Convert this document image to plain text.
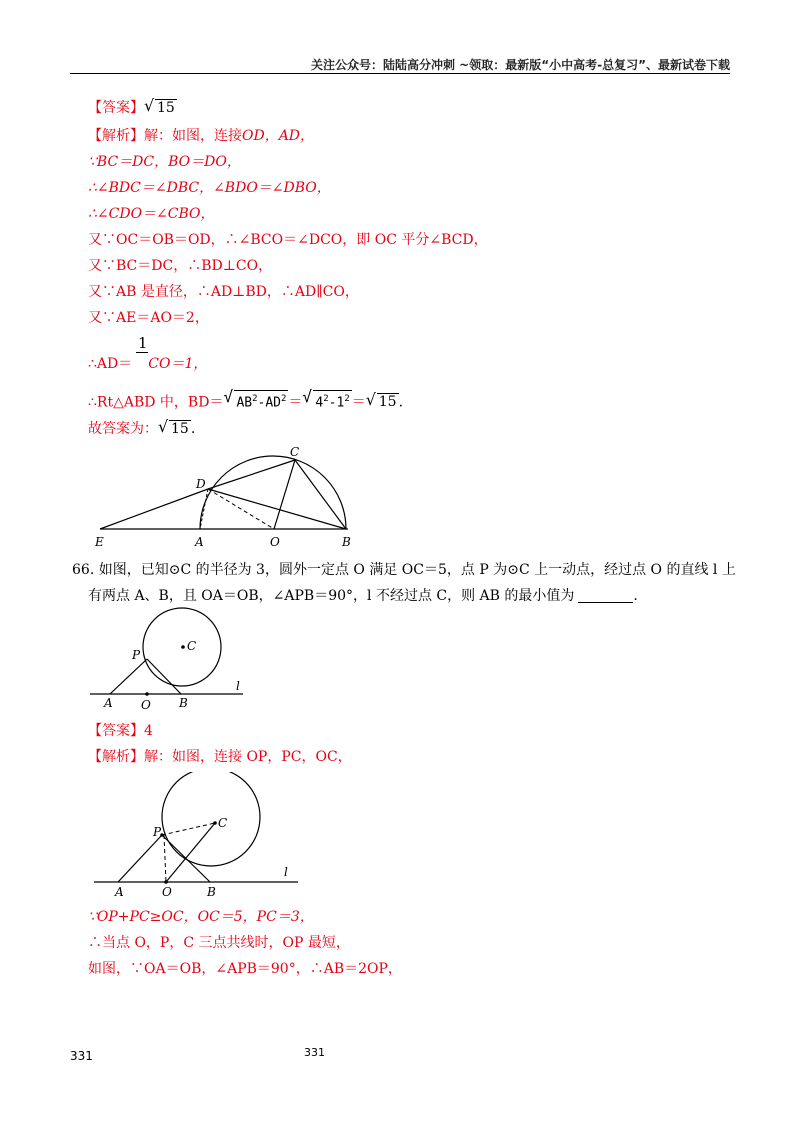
关注公众号：陆陆高分冲刺 ~领取：最新版“小中高考-总复习”、最新试卷下载
【答案】 √ 15
【解析】解：如图，连接OD，AD，
∵BC＝DC，BO＝DO，
∴∠BDC＝∠DBC，∠BDO＝∠DBO，
∴∠CDO＝∠CBO，
又∵OC＝OB＝OD，∴∠BCO＝∠DCO，即 OC 平分∠BCD，
又∵BC＝DC，∴BD⊥CO，
又∵AB 是直径，∴AD⊥BD，∴AD∥CO，
又∵AE＝AO＝2，
1
∴AD＝ CO＝1，
∴Rt△ABD 中，BD＝ √ $AB^2-AD^2$ ＝ √ $4^2-1^2$ ＝ √ 15 .
故答案为： √ 15 .
E	A	O	B
D
C
66. 如图，已知⊙C 的半径为 3，圆外一定点 O 满足 OC＝5，点 P 为⊙C 上一动点，经过点 O 的直线 l 上
有两点 A、B，且 OA＝OB，∠APB＝90°，l 不经过点 C，则 AB 的最小值为	.
C
P
l
A O B
【答案】4
【解析】解：如图，连接 OP，PC，OC，
C
P
l
A	O	B
∵OP+PC≥OC，OC＝5，PC＝3，
∴当点 O，P，C 三点共线时，OP 最短，
如图，∵OA＝OB，∠APB＝90°，∴AB＝2OP，
331	331
